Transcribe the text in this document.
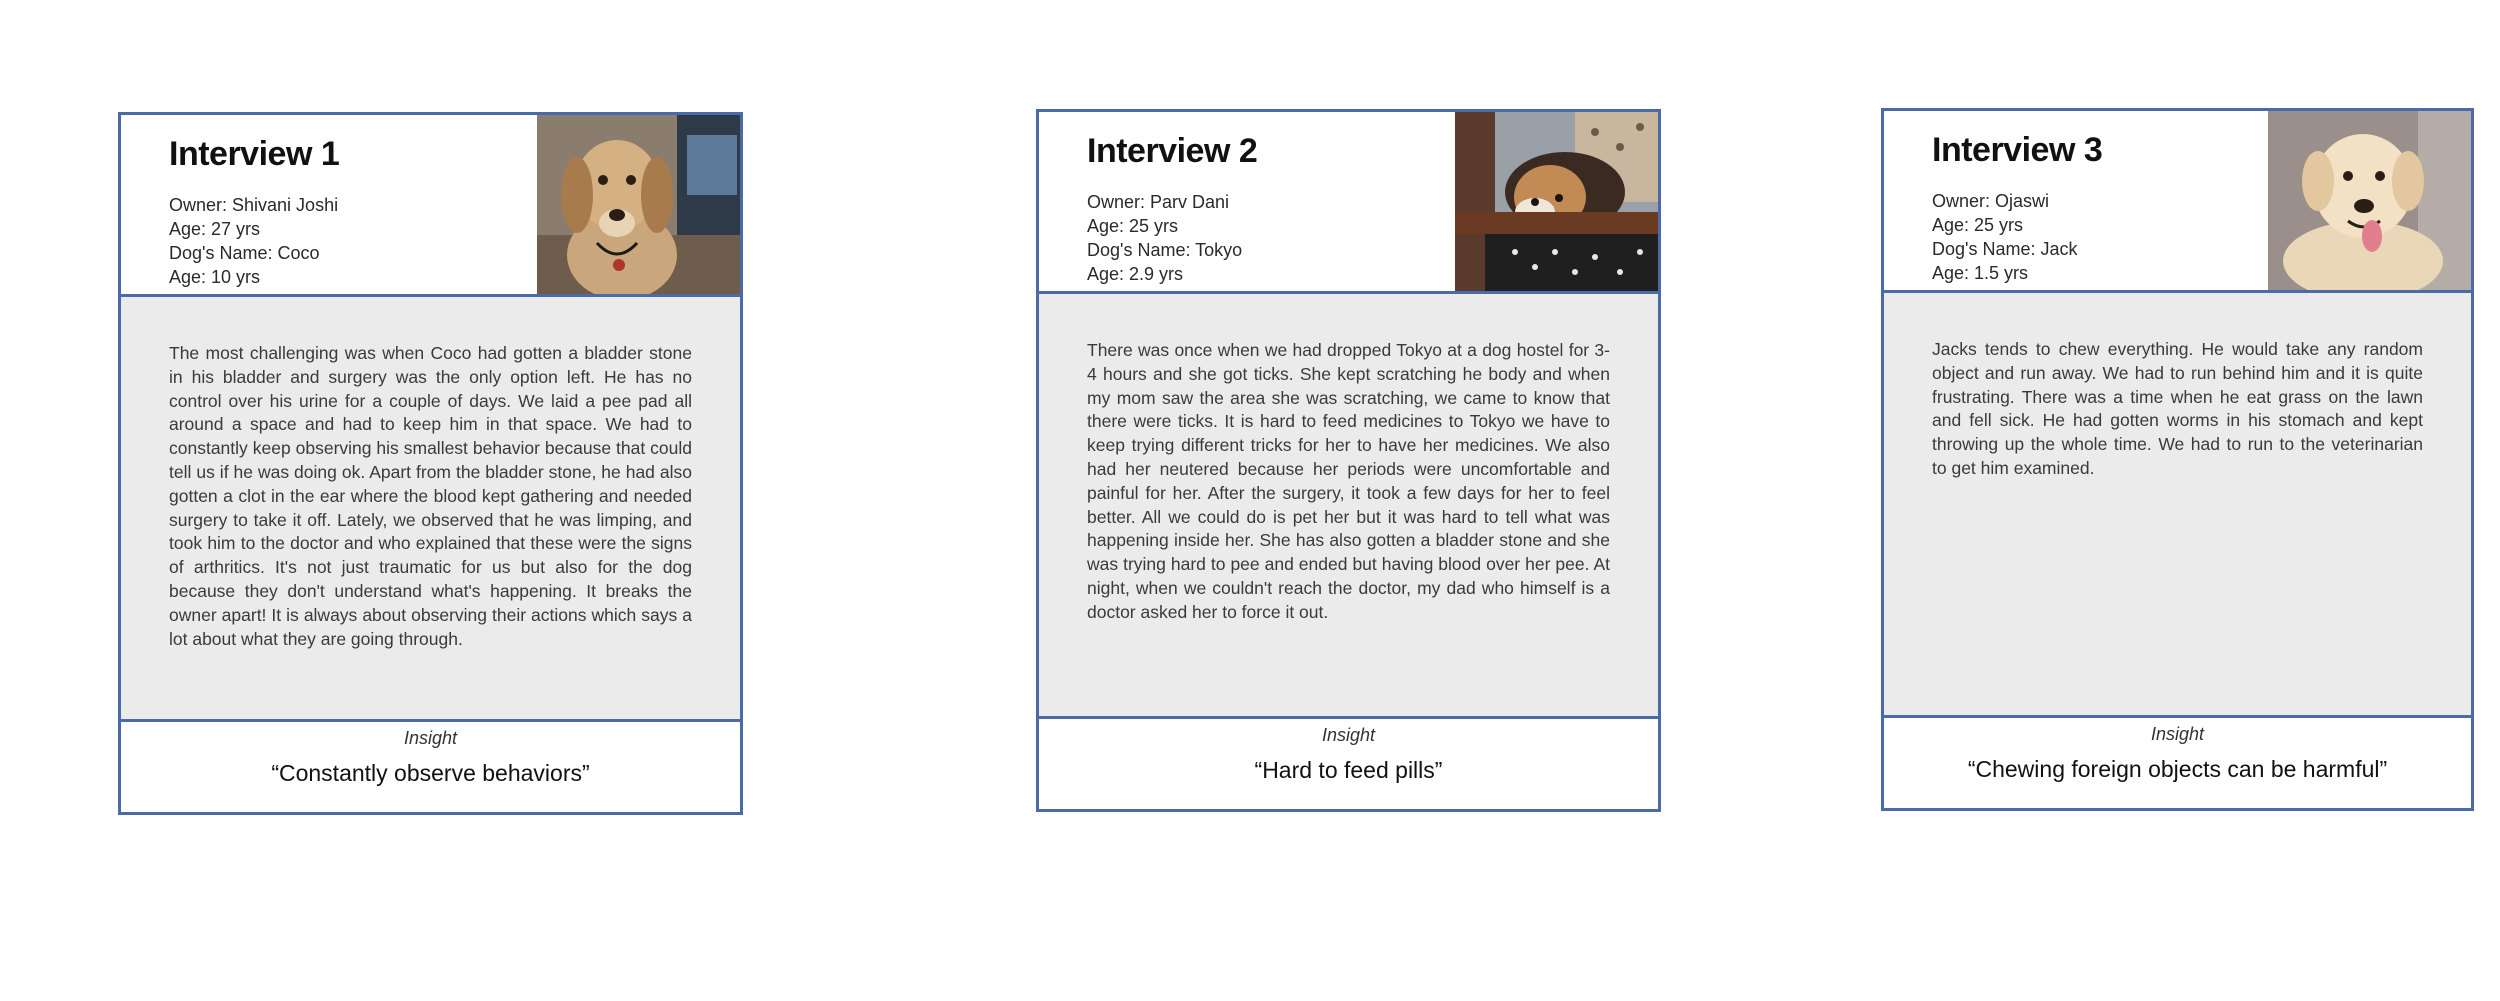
Interview 1
Owner: Shivani Joshi
Age: 27 yrs
Dog's Name: Coco
Age: 10 yrs

The most challenging was when Coco had gotten a bladder stone in his bladder and surgery was the only option left. He has no control over his urine for a couple of days. We laid a pee pad all around a space and had to keep him in that space. We had to constantly keep observing his smallest behavior because that could tell us if he was doing ok. Apart from the bladder stone, he had also gotten a clot in the ear where the blood kept gathering and needed surgery to take it off. Lately, we observed that he was limping, and took him to the doctor and who explained that these were the signs of arthritics. It's not just traumatic for us but also for the dog because they don't understand what's happening. It breaks the owner apart! It is always about observing their actions which says a lot about what they are going through.

Insight
“Constantly observe behaviors”
Interview 2
Owner: Parv Dani
Age: 25 yrs
Dog's Name: Tokyo
Age: 2.9 yrs

There was once when we had dropped Tokyo at a dog hostel for 3-4 hours and she got ticks. She kept scratching he body and when my mom saw the area she was scratching, we came to know that there were ticks. It is hard to feed medicines to Tokyo we have to keep trying different tricks for her to have her medicines. We also had her neutered because her periods were uncomfortable and painful for her. After the surgery, it took a few days for her to feel better. All we could do is pet her but it was hard to tell what was happening inside her. She has also gotten a bladder stone and she was trying hard to pee and ended but having blood over her pee. At night, when we couldn't reach the doctor, my dad who himself is a doctor asked her to force it out.

Insight
“Hard to feed pills”
Interview 3
Owner: Ojaswi
Age: 25 yrs
Dog's Name: Jack
Age: 1.5 yrs

Jacks tends to chew everything. He would take any random object and run away. We had to run behind him and it is quite frustrating. There was a time when he eat grass on the lawn and fell sick. He had gotten worms in his stomach and kept throwing up the whole time. We had to run to the veterinarian to get him examined.

Insight
“Chewing foreign objects can be harmful”
